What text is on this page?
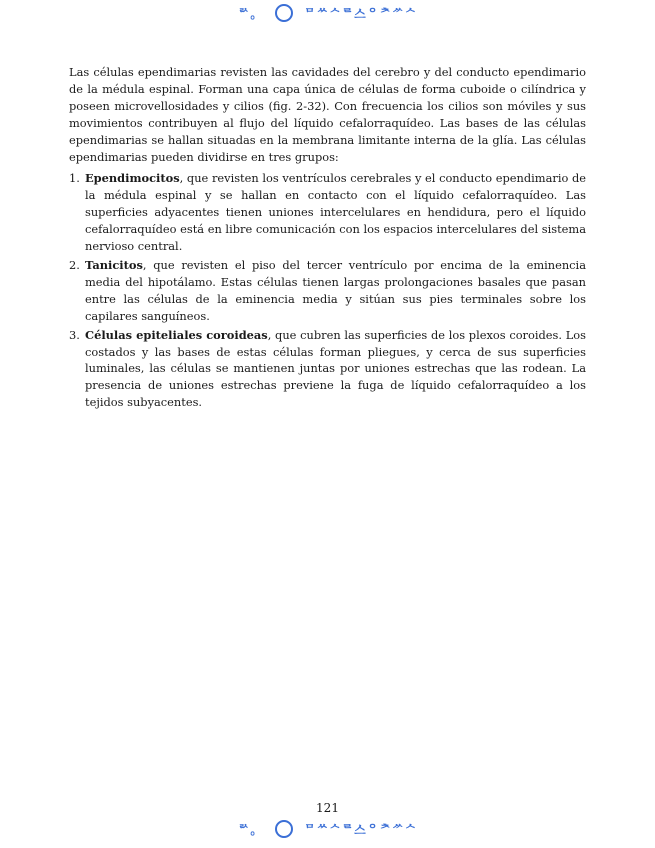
ᄅᄉ。	ᄆᄊᄉᄅ스ᄋᅔᄽᄉ

Las células ependimarias revisten las cavidades del cerebro y del conducto ependimario de la médula espinal. Forman una capa única de células de forma cuboide o cilíndrica y poseen microvellosidades y cilios (fig. 2-32). Con frecuencia los cilios son móviles y sus movimientos contribuyen al flujo del líquido cefalorraquídeo. Las bases de las células ependimarias se hallan situadas en la membrana limitante interna de la glía. Las células ependimarias pueden dividirse en tres grupos:

1. Ependimocitos, que revisten los ventrículos cerebrales y el conducto ependimario de la médula espinal y se hallan en contacto con el líquido cefalorraquídeo. Las superficies adyacentes tienen uniones intercelulares en hendidura, pero el líquido cefalorraquídeo está en libre comunicación con los espacios intercelulares del sistema nervioso central.
2. Tanicitos, que revisten el piso del tercer ventrículo por encima de la eminencia media del hipotálamo. Estas células tienen largas prolongaciones basales que pasan entre las células de la eminencia media y sitúan sus pies terminales sobre los capilares sanguíneos.
3. Células epiteliales coroideas, que cubren las superficies de los plexos coroides. Los costados y las bases de estas células forman pliegues, y cerca de sus superficies luminales, las células se mantienen juntas por uniones estrechas que las rodean. La presencia de uniones estrechas previene la fuga de líquido cefalorraquídeo a los tejidos subyacentes.
121
ᄅᄉ。	ᄆᄊᄉᄅ스ᄋᅔᄽᄉ
